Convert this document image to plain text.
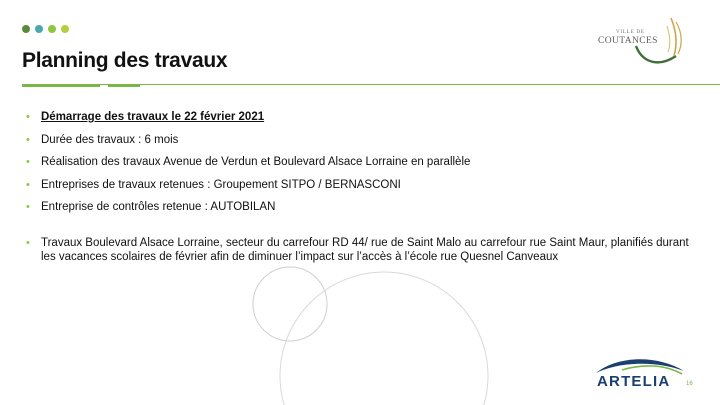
Planning des travaux
VILLE DE
COUTANCES
• Démarrage des travaux le 22 février 2021
• Durée des travaux : 6 mois
• Réalisation des travaux Avenue de Verdun et Boulevard Alsace Lorraine en parallèle
• Entreprises de travaux retenues : Groupement SITPO / BERNASCONI
• Entreprise de contrôles retenue : AUTOBILAN
• Travaux Boulevard Alsace Lorraine, secteur du carrefour RD 44/ rue de Saint Malo au carrefour rue Saint Maur, planifiés durant les vacances scolaires de février afin de diminuer l’impact sur l’accès à l’école rue Quesnel Canveaux
ARTELIA	16
